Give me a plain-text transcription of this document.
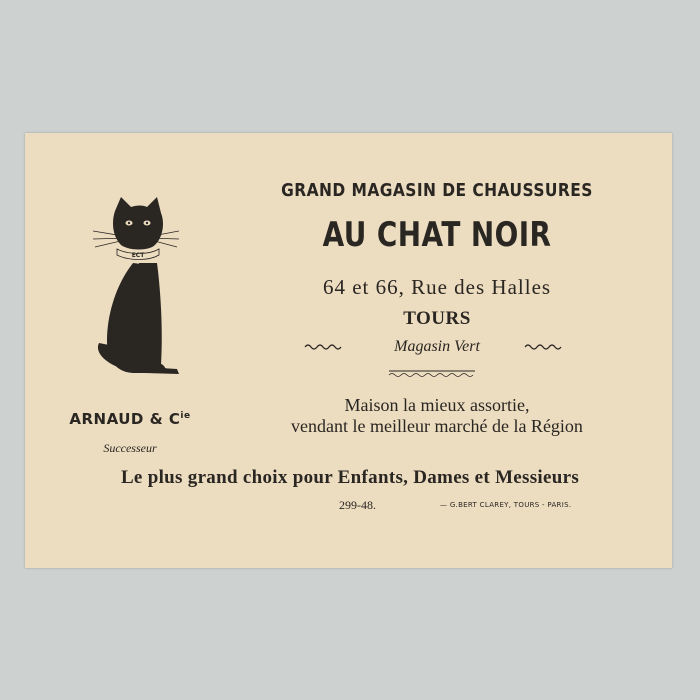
ECT
GRAND MAGASIN DE CHAUSSURES
AU CHAT NOIR
64 et 66, Rue des Halles
TOURS
Magasin Vert
Maison la mieux assortie,
vendant le meilleur marché de la Région
ARNAUD & $C^{ie}$
Successeur
Le plus grand choix pour Enfants, Dames et Messieurs
299-48.	— G.BERT CLAREY, TOURS - PARIS.
